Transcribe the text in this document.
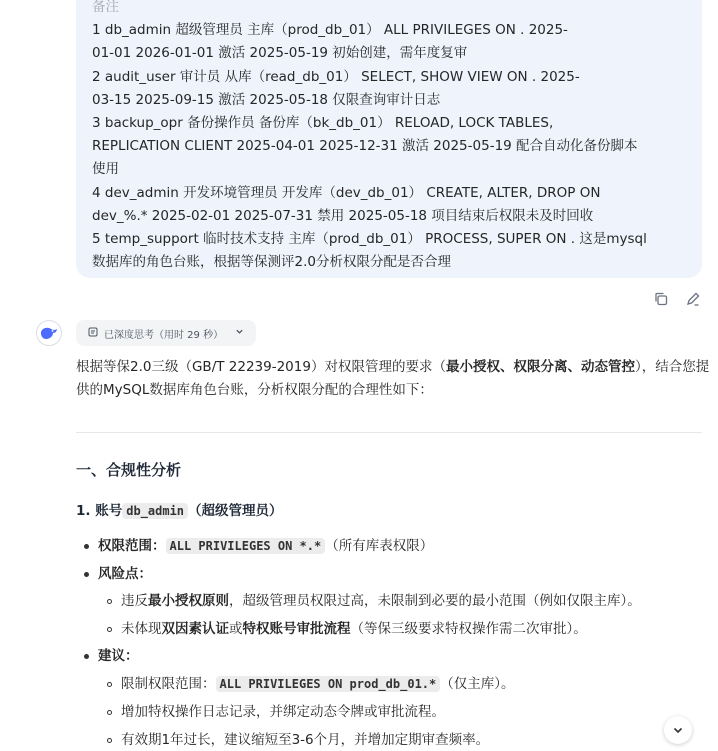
备注
1 db_admin 超级管理员 主库（prod_db_01） ALL PRIVILEGES ON . 2025-
01-01 2026-01-01 激活 2025-05-19 初始创建，需年度复审
2 audit_user 审计员 从库（read_db_01） SELECT, SHOW VIEW ON . 2025-
03-15 2025-09-15 激活 2025-05-18 仅限查询审计日志
3 backup_opr 备份操作员 备份库（bk_db_01） RELOAD, LOCK TABLES,
REPLICATION CLIENT 2025-04-01 2025-12-31 激活 2025-05-19 配合自动化备份脚本
使用
4 dev_admin 开发环境管理员 开发库（dev_db_01） CREATE, ALTER, DROP ON
dev_%.* 2025-02-01 2025-07-31 禁用 2025-05-18 项目结束后权限未及时回收
5 temp_support 临时技术支持 主库（prod_db_01） PROCESS, SUPER ON . 这是mysql
数据库的角色台账，根据等保测评2.0分析权限分配是否合理
已深度思考（用时 29 秒）
根据等保2.0三级（GB/T 22239-2019）对权限管理的要求（最小授权、权限分离、动态管控），结合您提
供的MySQL数据库角色台账，分析权限分配的合理性如下：
一、合规性分析
1. 账号 db_admin （超级管理员）
权限范围： ALL PRIVILEGES ON *.* （所有库表权限）
风险点：
违反最小授权原则，超级管理员权限过高，未限制到必要的最小范围（例如仅限主库）。
未体现双因素认证或特权账号审批流程（等保三级要求特权操作需二次审批）。
建议：
限制权限范围： ALL PRIVILEGES ON prod_db_01.* （仅主库）。
增加特权操作日志记录，并绑定动态令牌或审批流程。
有效期1年过长，建议缩短至3-6个月，并增加定期审查频率。
